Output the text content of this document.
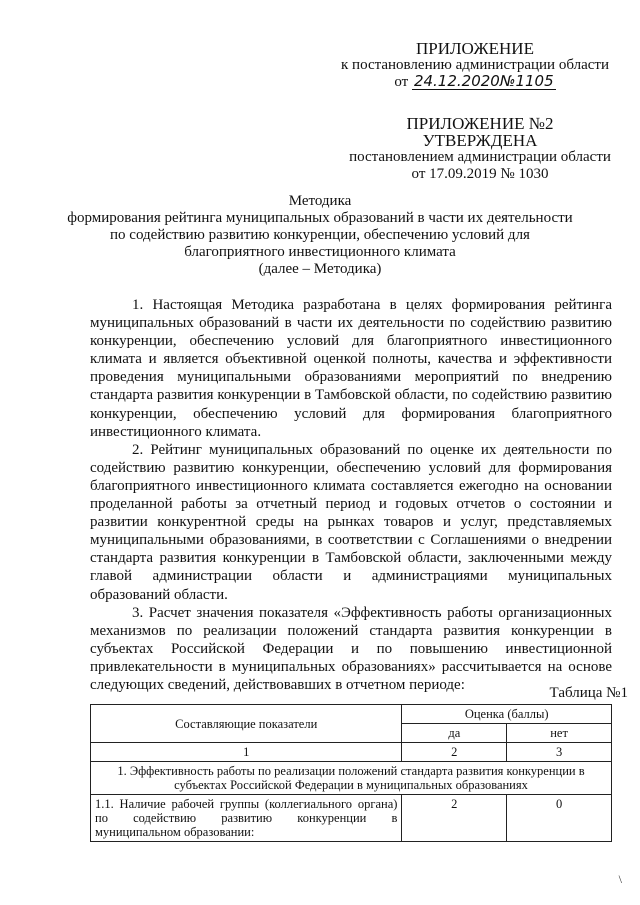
ПРИЛОЖЕНИЕ
к постановлению администрации области
от 24.12.2020№1105
ПРИЛОЖЕНИЕ №2
УТВЕРЖДЕНА
постановлением администрации области
от 17.09.2019 № 1030
Методика
формирования рейтинга муниципальных образований в части их деятельности
по содействию развитию конкуренции, обеспечению условий для
благоприятного инвестиционного климата
(далее – Методика)

1. Настоящая Методика разработана в целях формирования рейтинга муниципальных образований в части их деятельности по содействию развитию конкуренции, обеспечению условий для благоприятного инвестиционного климата и является объективной оценкой полноты, качества и эффективности проведения муниципальными образованиями мероприятий по внедрению стандарта развития конкуренции в Тамбовской области, по содействию развитию конкуренции, обеспечению условий для формирования благоприятного инвестиционного климата.

2. Рейтинг муниципальных образований по оценке их деятельности по содействию развитию конкуренции, обеспечению условий для формирования благоприятного инвестиционного климата составляется ежегодно на основании проделанной работы за отчетный период и годовых отчетов о состоянии и развитии конкурентной среды на рынках товаров и услуг, представляемых муниципальными образованиями, в соответствии с Соглашениями о внедрении стандарта развития конкуренции в Тамбовской области, заключенными между главой администрации области и администрациями муниципальных образований области.

3. Расчет значения показателя «Эффективность работы организационных механизмов по реализации положений стандарта развития конкуренции в субъектах Российской Федерации и по повышению инвестиционной привлекательности в муниципальных образованиях» рассчитывается на основе следующих сведений, действовавших в отчетном периоде:

Таблица №1
Составляющие показатели	Оценка (баллы)	
	да	нет
1	2	3
1. Эффективность работы по реализации положений стандарта развития конкуренции в субъектах Российской Федерации в муниципальных образованиях		
1.1. Наличие рабочей группы (коллегиального органа) по содействию развитию конкуренции в муниципальном образовании:	2	0
\
